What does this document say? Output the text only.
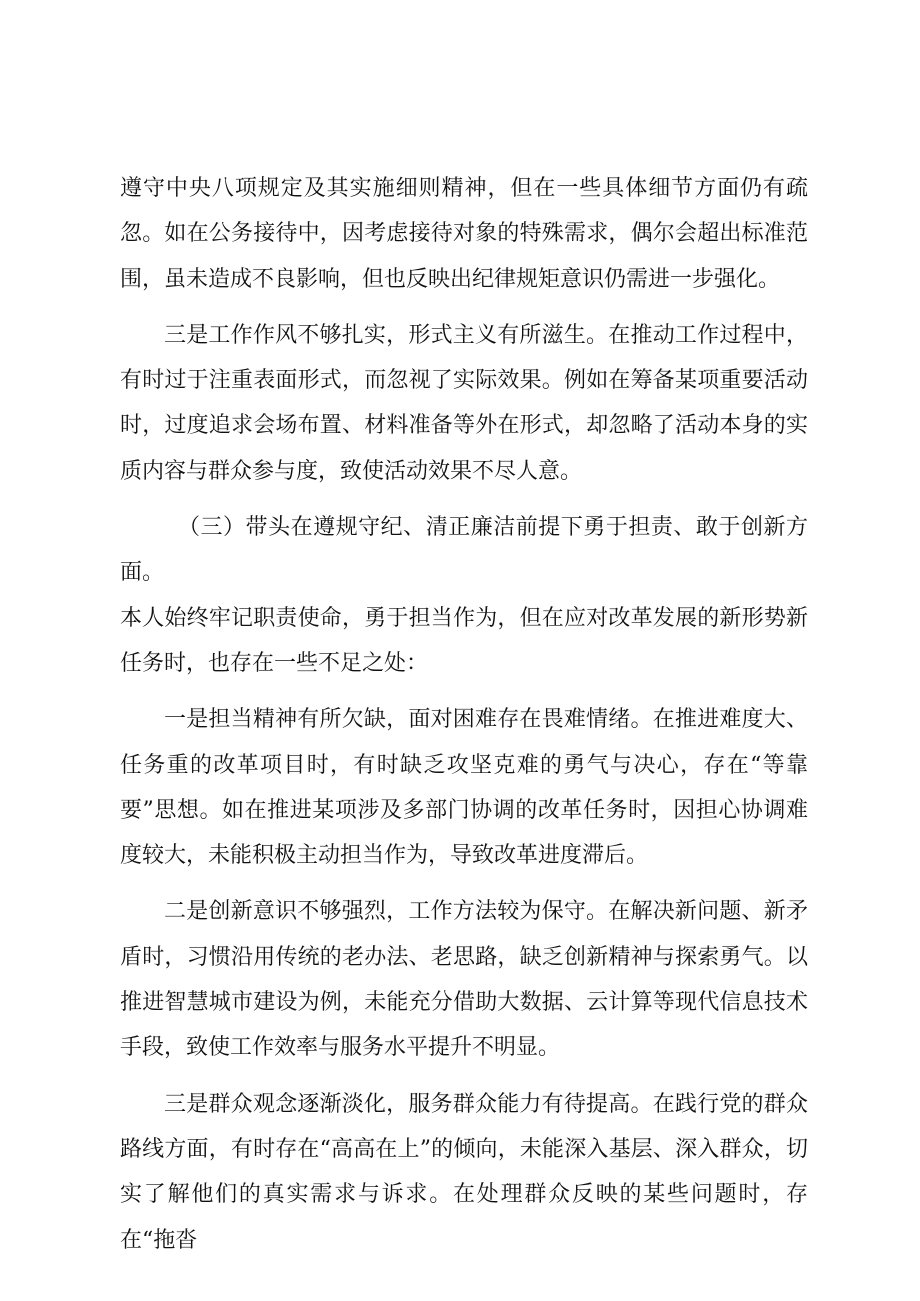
遵守中央八项规定及其实施细则精神，但在一些具体细节方面仍有疏忽。如在公务接待中，因考虑接待对象的特殊需求，偶尔会超出标准范围，虽未造成不良影响，但也反映出纪律规矩意识仍需进一步强化。

三是工作作风不够扎实，形式主义有所滋生。在推动工作过程中，有时过于注重表面形式，而忽视了实际效果。例如在筹备某项重要活动时，过度追求会场布置、材料准备等外在形式，却忽略了活动本身的实质内容与群众参与度，致使活动效果不尽人意。

（三）带头在遵规守纪、清正廉洁前提下勇于担责、敢于创新方面。

本人始终牢记职责使命，勇于担当作为，但在应对改革发展的新形势新任务时，也存在一些不足之处：

一是担当精神有所欠缺，面对困难存在畏难情绪。在推进难度大、任务重的改革项目时，有时缺乏攻坚克难的勇气与决心，存在“等靠要”思想。如在推进某项涉及多部门协调的改革任务时，因担心协调难度较大，未能积极主动担当作为，导致改革进度滞后。

二是创新意识不够强烈，工作方法较为保守。在解决新问题、新矛盾时，习惯沿用传统的老办法、老思路，缺乏创新精神与探索勇气。以推进智慧城市建设为例，未能充分借助大数据、云计算等现代信息技术手段，致使工作效率与服务水平提升不明显。

三是群众观念逐渐淡化，服务群众能力有待提高。在践行党的群众路线方面，有时存在“高高在上”的倾向，未能深入基层、深入群众，切实了解他们的真实需求与诉求。在处理群众反映的某些问题时，存在“拖沓
